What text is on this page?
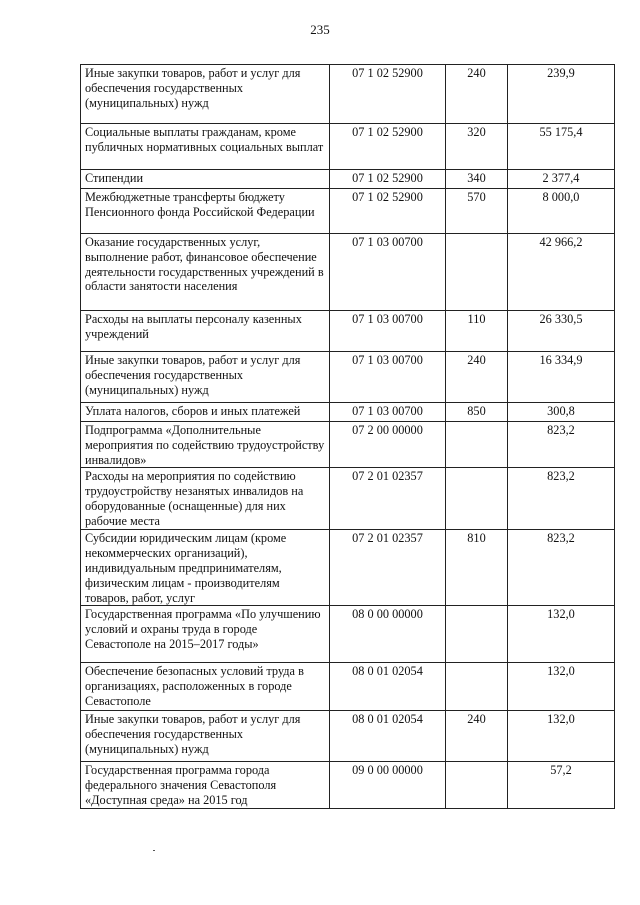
235
Иные закупки товаров, работ и услуг для обеспечения государственных (муниципальных) нужд	07 1 02 52900	240	239,9
Социальные выплаты гражданам, кроме публичных нормативных социальных выплат	07 1 02 52900	320	55 175,4
Стипендии	07 1 02 52900	340	2 377,4
Межбюджетные трансферты бюджету Пенсионного фонда Российской Федерации	07 1 02 52900	570	8 000,0
Оказание государственных услуг, выполнение работ, финансовое обеспечение деятельности государственных учреждений в области занятости населения	07 1 03 00700		42 966,2
Расходы на выплаты персоналу казенных учреждений	07 1 03 00700	110	26 330,5
Иные закупки товаров, работ и услуг для обеспечения государственных (муниципальных) нужд	07 1 03 00700	240	16 334,9
Уплата налогов, сборов и иных платежей	07 1 03 00700	850	300,8
Подпрограмма «Дополнительные мероприятия по содействию трудоустройству инвалидов»	07 2 00 00000		823,2
Расходы на мероприятия по содействию трудоустройству незанятых инвалидов на оборудованные (оснащенные) для них рабочие места	07 2 01 02357		823,2
Субсидии юридическим лицам (кроме некоммерческих организаций), индивидуальным предпринимателям, физическим лицам - производителям товаров, работ, услуг	07 2 01 02357	810	823,2
Государственная программа «По улучшению условий и охраны труда в городе Севастополе на 2015–2017 годы»	08 0 00 00000		132,0
Обеспечение безопасных условий труда в организациях, расположенных в городе Севастополе	08 0 01 02054		132,0
Иные закупки товаров, работ и услуг для обеспечения государственных (муниципальных) нужд	08 0 01 02054	240	132,0
Государственная программа города федерального значения Севастополя «Доступная среда» на 2015 год	09 0 00 00000		57,2
